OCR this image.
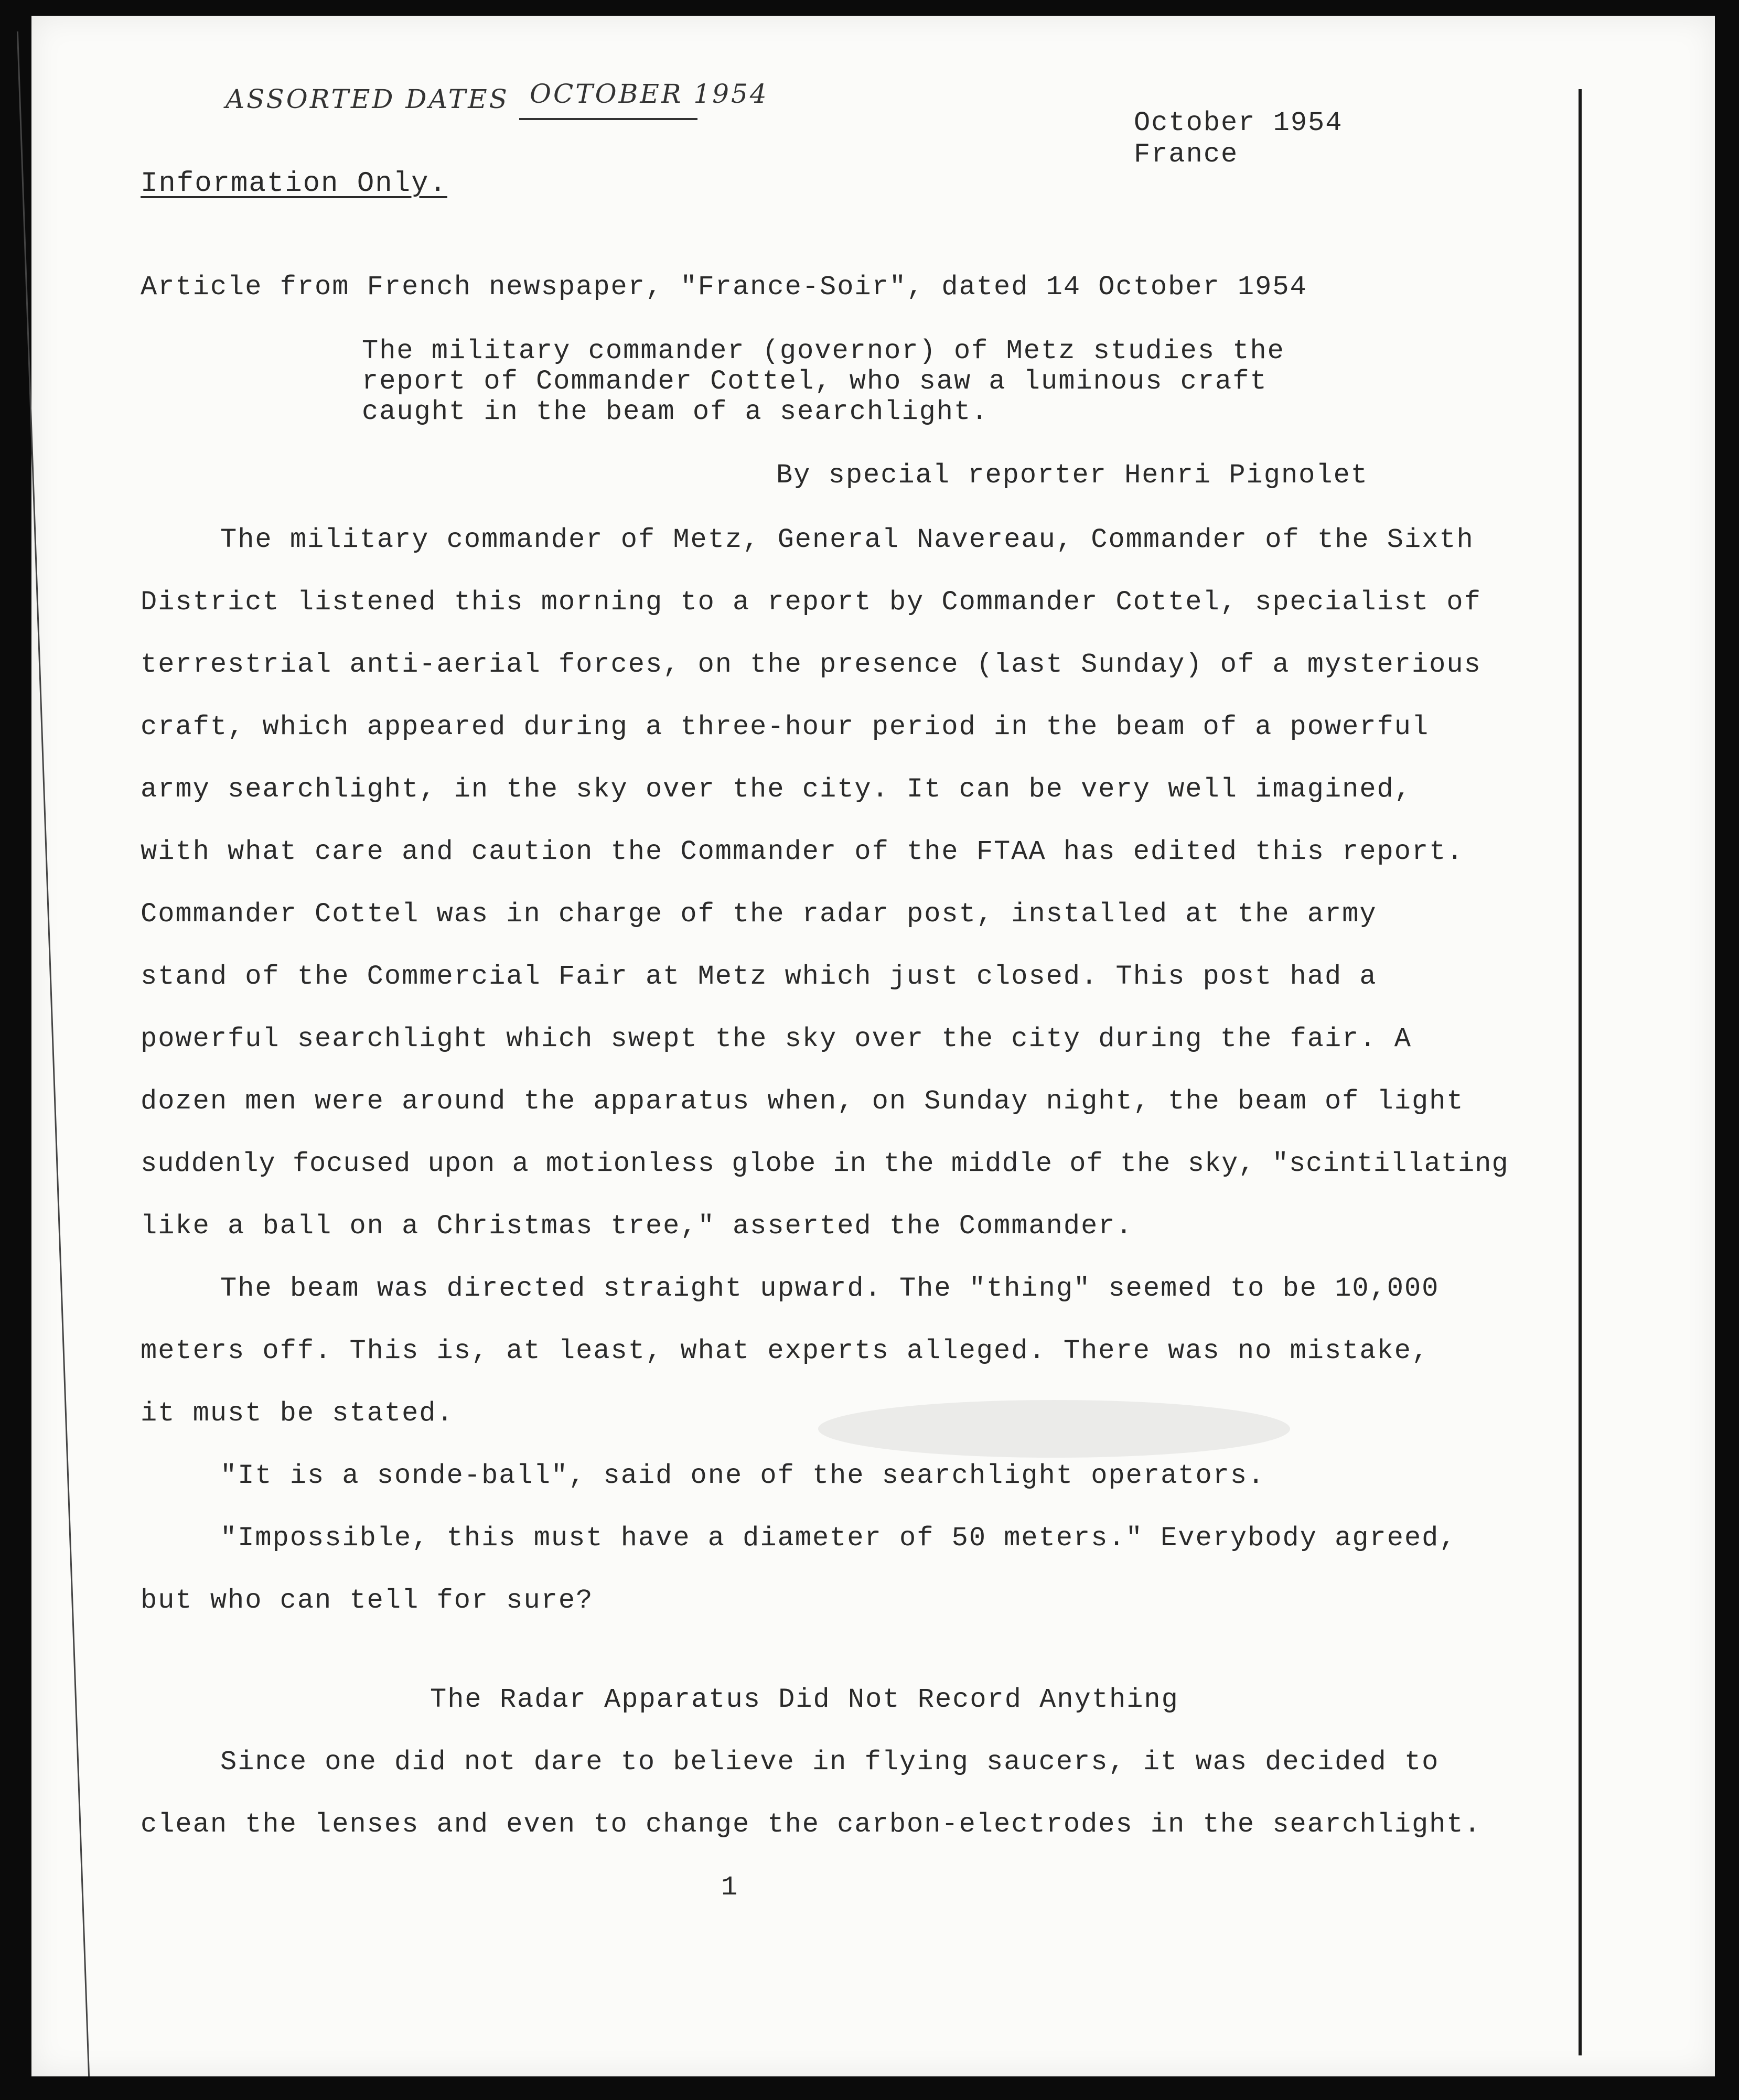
ASSORTED DATES OCTOBER 1954
Information Only.
October 1954
France
Article from French newspaper, "France-Soir", dated 14 October 1954
The military commander (governor) of Metz studies the
report of Commander Cottel, who saw a luminous craft
caught in the beam of a searchlight.
By special reporter Henri Pignolet
The military commander of Metz, General Navereau, Commander of the Sixth
District listened this morning to a report by Commander Cottel, specialist of
terrestrial anti-aerial forces, on the presence (last Sunday) of a mysterious
craft, which appeared during a three-hour period in the beam of a powerful
army searchlight, in the sky over the city. It can be very well imagined,
with what care and caution the Commander of the FTAA has edited this report.
Commander Cottel was in charge of the radar post, installed at the army
stand of the Commercial Fair at Metz which just closed. This post had a
powerful searchlight which swept the sky over the city during the fair. A
dozen men were around the apparatus when, on Sunday night, the beam of light
suddenly focused upon a motionless globe in the middle of the sky, "scintillating
like a ball on a Christmas tree," asserted the Commander.
The beam was directed straight upward. The "thing" seemed to be 10,000
meters off. This is, at least, what experts alleged. There was no mistake,
it must be stated.
"It is a sonde-ball", said one of the searchlight operators.
"Impossible, this must have a diameter of 50 meters." Everybody agreed,
but who can tell for sure?
The Radar Apparatus Did Not Record Anything
Since one did not dare to believe in flying saucers, it was decided to
clean the lenses and even to change the carbon-electrodes in the searchlight.
1
